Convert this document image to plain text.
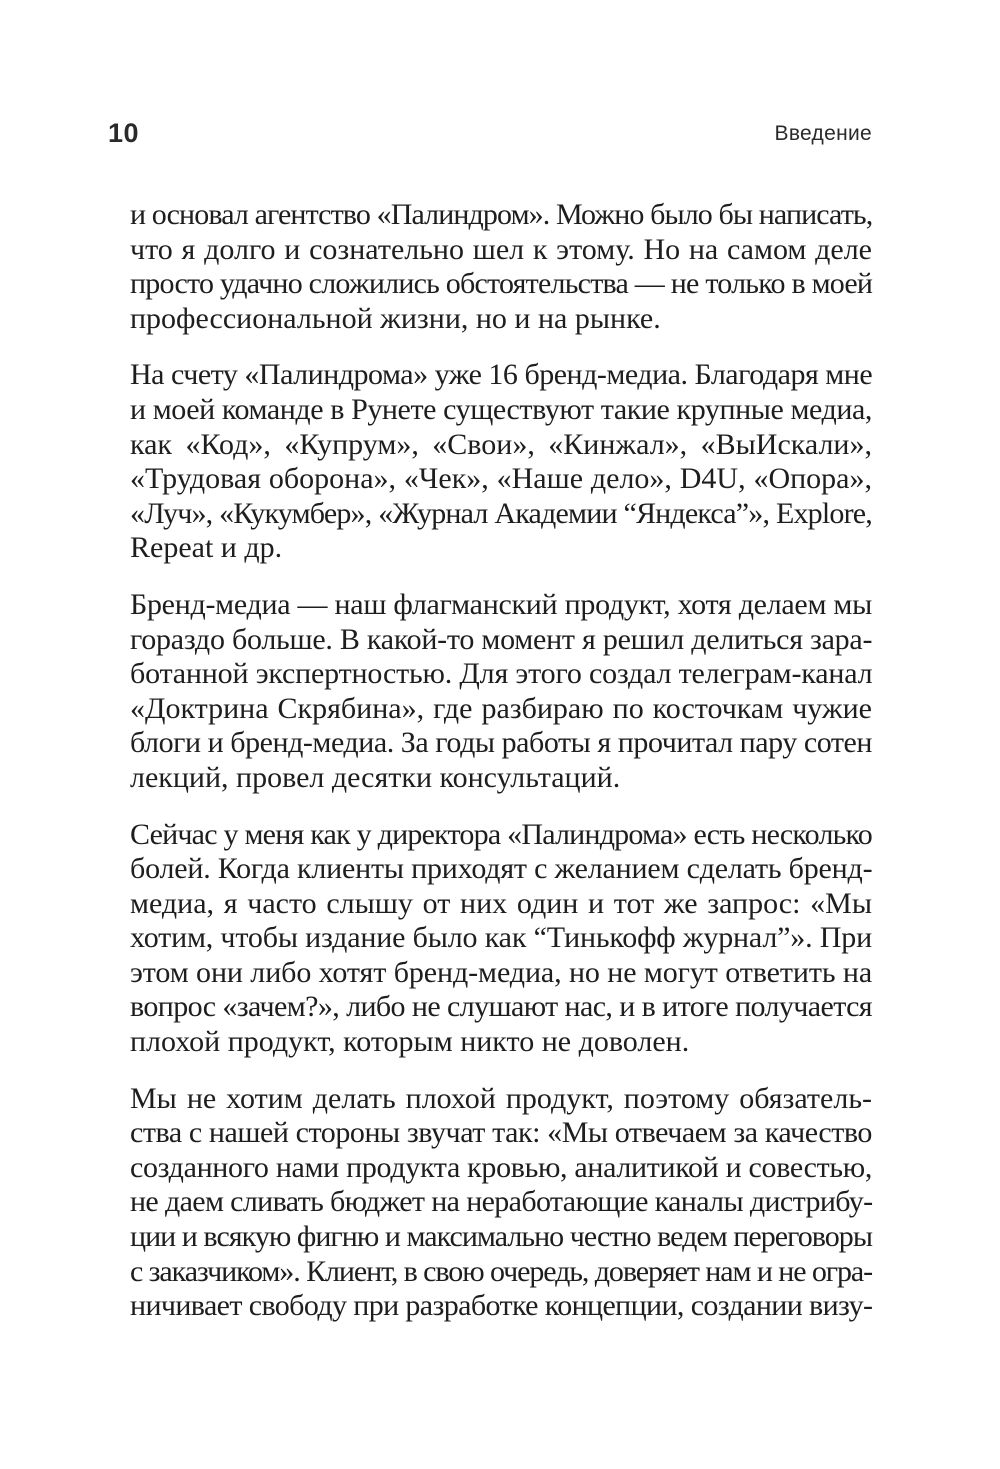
10	Введение
и основал агентство «Палиндром». Можно было бы написать,
что я долго и сознательно шел к этому. Но на самом деле
просто удачно сложились обстоятельства — не только в моей
профессиональной жизни, но и на рынке.
На счету «Палиндрома» уже 16 бренд-медиа. Благодаря мне
и моей команде в Рунете существуют такие крупные медиа,
как «Код», «Купрум», «Свои», «Кинжал», «ВыИскали»,
«Трудовая оборона», «Чек», «Наше дело», D4U, «Опора»,
«Луч», «Кукумбер», «Журнал Академии “Яндекса”», Explore,
Repeat и др.
Бренд-медиа — наш флагманский продукт, хотя делаем мы
гораздо больше. В какой-то момент я решил делиться зара-
ботанной экспертностью. Для этого создал телеграм-канал
«Доктрина Скрябина», где разбираю по косточкам чужие
блоги и бренд-медиа. За годы работы я прочитал пару сотен
лекций, провел десятки консультаций.
Сейчас у меня как у директора «Палиндрома» есть несколько
болей. Когда клиенты приходят с желанием сделать бренд-
медиа, я часто слышу от них один и тот же запрос: «Мы
хотим, чтобы издание было как “Тинькофф журнал”». При
этом они либо хотят бренд-медиа, но не могут ответить на
вопрос «зачем?», либо не слушают нас, и в итоге получается
плохой продукт, которым никто не доволен.
Мы не хотим делать плохой продукт, поэтому обязатель-
ства с нашей стороны звучат так: «Мы отвечаем за качество
созданного нами продукта кровью, аналитикой и совестью,
не даем сливать бюджет на неработающие каналы дистрибу-
ции и всякую фигню и максимально честно ведем переговоры
с заказчиком». Клиент, в свою очередь, доверяет нам и не огра-
ничивает свободу при разработке концепции, создании визу-
